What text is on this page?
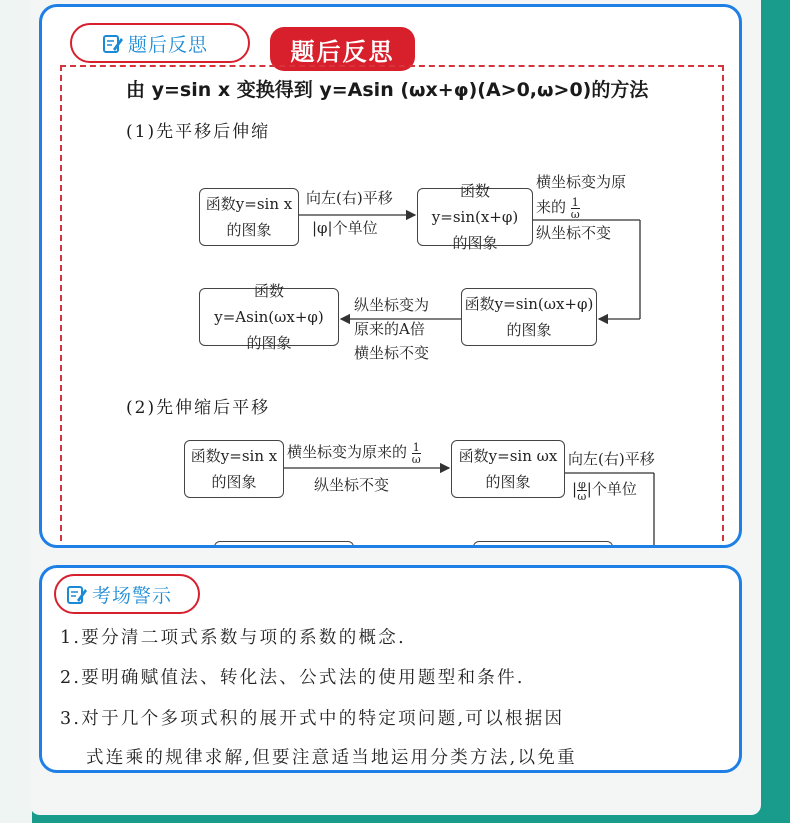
题后反思	题后反思
由 y=sin x 变换得到 y=Asin (ωx+φ)(A>0,ω>0)的方法
(1)先平移后伸缩
函数y=sin x
的图象
向左(右)平移
|φ|个单位
函数y=sin(x+φ)
的图象
横坐标变为原
来的 $\frac{1}{\omega}$
纵坐标不变
函数y=sin(ωx+φ)
的图象
纵坐标变为
原来的A倍
横坐标不变
函数y=Asin(ωx+φ)
的图象
(2)先伸缩后平移
函数y=sin x
的图象
横坐标变为原来的 $\frac{1}{\omega}$
纵坐标不变
函数y=sin ωx
的图象
向左(右)平移
| $\frac{\varphi}{\omega}$ |个单位
考场警示
1.要分清二项式系数与项的系数的概念.
2.要明确赋值法、转化法、公式法的使用题型和条件.
3.对于几个多项式积的展开式中的特定项问题,可以根据因
式连乘的规律求解,但要注意适当地运用分类方法,以免重
